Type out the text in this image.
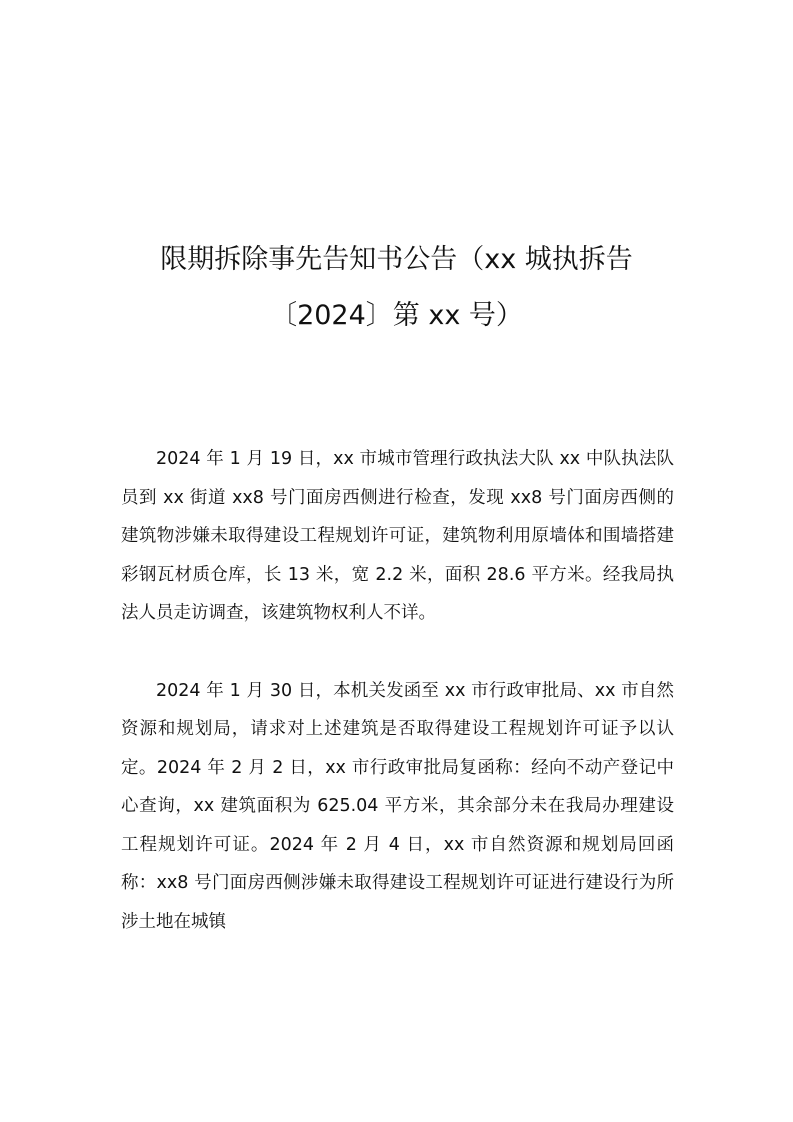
限期拆除事先告知书公告（xx 城执拆告

〔2024〕第 xx 号）

2024 年 1 月 19 日，xx 市城市管理行政执法大队 xx 中队执法队员到 xx 街道 xx8 号门面房西侧进行检查，发现 xx8 号门面房西侧的建筑物涉嫌未取得建设工程规划许可证，建筑物利用原墙体和围墙搭建彩钢瓦材质仓库，长 13 米，宽 2.2 米，面积 28.6 平方米。经我局执法人员走访调查，该建筑物权利人不详。

2024 年 1 月 30 日，本机关发函至 xx 市行政审批局、xx 市自然资源和规划局，请求对上述建筑是否取得建设工程规划许可证予以认定。2024 年 2 月 2 日，xx 市行政审批局复函称：经向不动产登记中心查询，xx 建筑面积为 625.04 平方米，其余部分未在我局办理建设工程规划许可证。2024 年 2 月 4 日，xx 市自然资源和规划局回函称：xx8 号门面房西侧涉嫌未取得建设工程规划许可证进行建设行为所涉土地在城镇
